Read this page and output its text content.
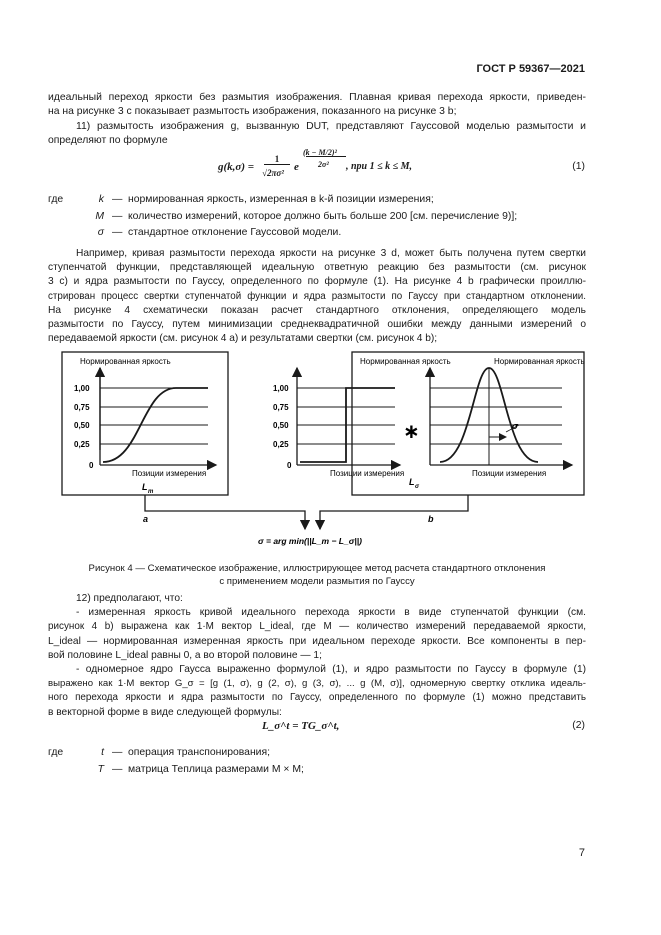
ГОСТ Р 59367—2021
идеальный переход яркости без размытия изображения. Плавная кривая перехода яркости, приведен-
на на рисунке 3 c показывает размытость изображения, показанного на рисунке 3 b;
11) размытость изображения g, вызванную DUT, представляют Гауссовой моделью размытости и
определяют по формуле
g(k,σ) =
1
√2πσ² e
(k − M/2)²
2σ² , при 1 ≤ k ≤ M,	(1)
где	k — нормированная яркость, измеренная в k-й позиции измерения;
M — количество измерений, которое должно быть больше 200 [см. перечисление 9)];
σ — стандартное отклонение Гауссовой модели.
Например, кривая размытости перехода яркости на рисунке 3 d, может быть получена путем свертки
ступенчатой функции, представляющей идеальную ответную реакцию без размытости (см. рисунок
3 c) и ядра размытости по Гауссу, определенного по формуле (1). На рисунке 4 b графически проиллю-
стрирован процесс свертки ступенчатой функции и ядра размытости по Гауссу при стандартном отклонении.
На рисунке 4 схематически показан расчет стандартного отклонения, определяющего модель
размытости по Гауссу, путем минимизации среднеквадратичной ошибки между данными измерений о
передаваемой яркости (см. рисунок 4 a) и результатами свертки (см. рисунок 4 b);
Нормированная яркость
1,00
0,75
0,50
0,25
0
Позиции измерения
L m
Нормированная яркость	Нормированная яркость
1,00
0,75
0,50
0,25
0
Позиции измерения
L σ
∗	σ
Позиции измерения
a	b
σ = arg min(||L_m − L_σ||)
Рисунок 4 — Схематическое изображение, иллюстрирующее метод расчета стандартного отклонения
с применением модели размытия по Гауссу
12) предполагают, что:
- измеренная яркость кривой идеального перехода яркости в виде ступенчатой функции (см.
рисунок 4 b) выражена как 1·M вектор L_ideal, где M — количество измерений передаваемой яркости,
L_ideal — нормированная измеренная яркость при идеальном переходе яркости. Все компоненты в пер-
вой половине L_ideal равны 0, а во второй половине — 1;
- одномерное ядро Гаусса выраженно формулой (1), и ядро размытости по Гауссу в формуле (1)
выражено как 1·M вектор G_σ = [g (1, σ), g (2, σ), g (3, σ), ... g (M, σ)], одномерную свертку отклика идеаль-
ного перехода яркости и ядра размытости по Гауссу, определенного по формуле (1) можно представить
в векторной форме в виде следующей формулы:
L_σ^t = TG_σ^t,	(2)
где	t — операция транспонирования;
T — матрица Теплица размерами M × M;
7
